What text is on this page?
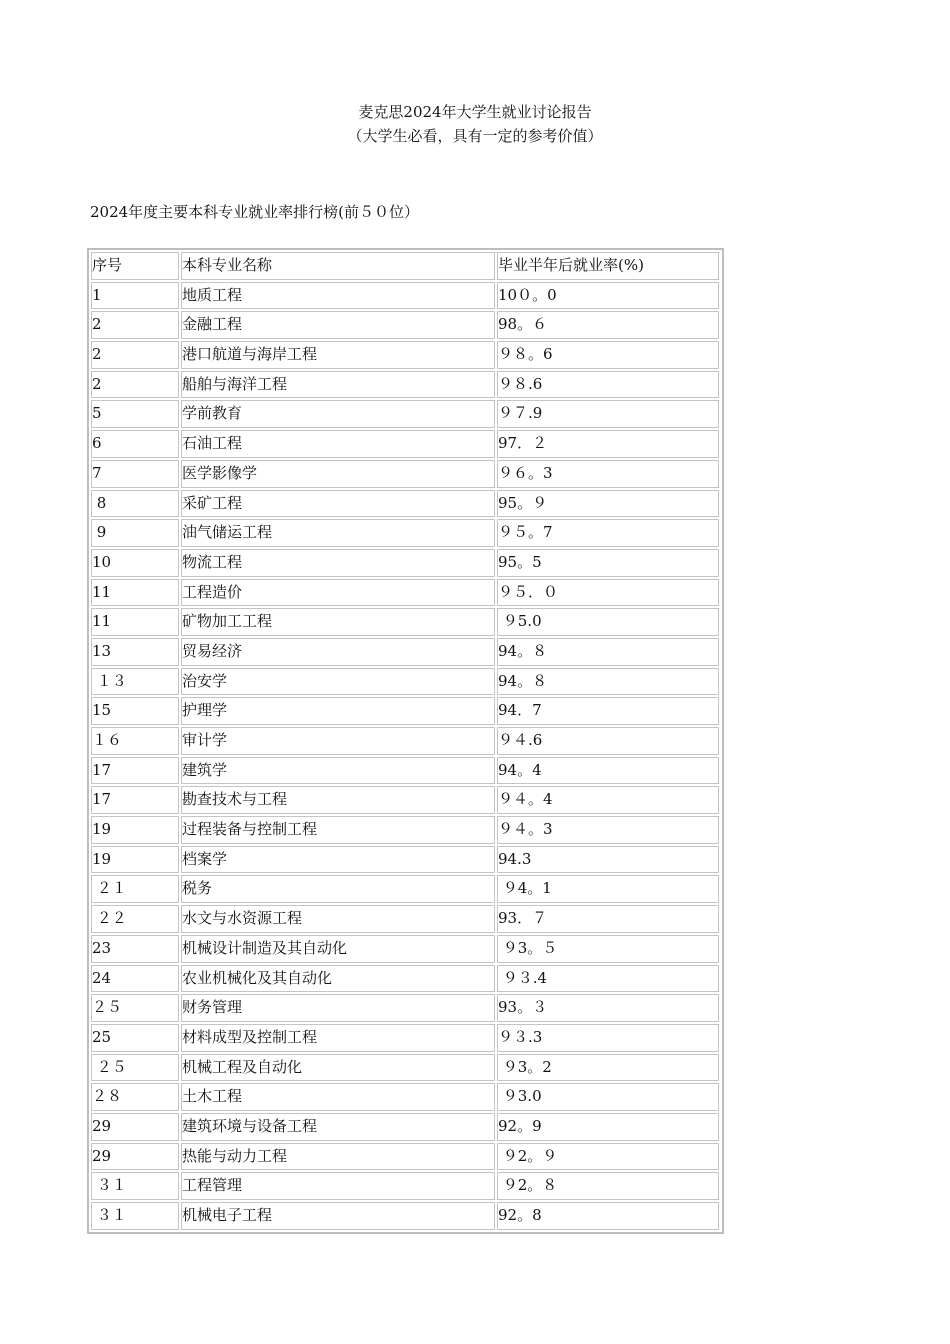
麦克思2024年大学生就业讨论报告
（大学生必看，具有一定的参考价值）
2024年度主要本科专业就业率排行榜(前５０位）
序号	本科专业名称	毕业半年后就业率(%)
1	地质工程	10０。0
2	金融工程	98。６
2	港口航道与海岸工程	９８。6
2	船舶与海洋工程	９８.6
5	学前教育	９７.9
6	石油工程	97．２
7	医学影像学	９６。3
8	采矿工程	95。９
9	油气储运工程	９５。7
10	物流工程	95。5
11	工程造价	９５．０
11	矿物加工工程	９5.0
13	贸易经济	94。８
１３	治安学	94。８
15	护理学	94．7
１６	审计学	９４.6
17	建筑学	94。4
17	勘查技术与工程	９４。4
19	过程装备与控制工程	９４。3
19	档案学	94.3
２１	税务	９4。1
２２	水文与水资源工程	93．７
23	机械设计制造及其自动化	９3。５
24	农业机械化及其自动化	９３.4
２５	财务管理	93。３
25	材料成型及控制工程	９３.3
２５	机械工程及自动化	９3。2
２８	土木工程	９3.0
29	建筑环境与设备工程	92。9
29	热能与动力工程	９2。９
３１	工程管理	９2。８
３１	机械电子工程	92。8
